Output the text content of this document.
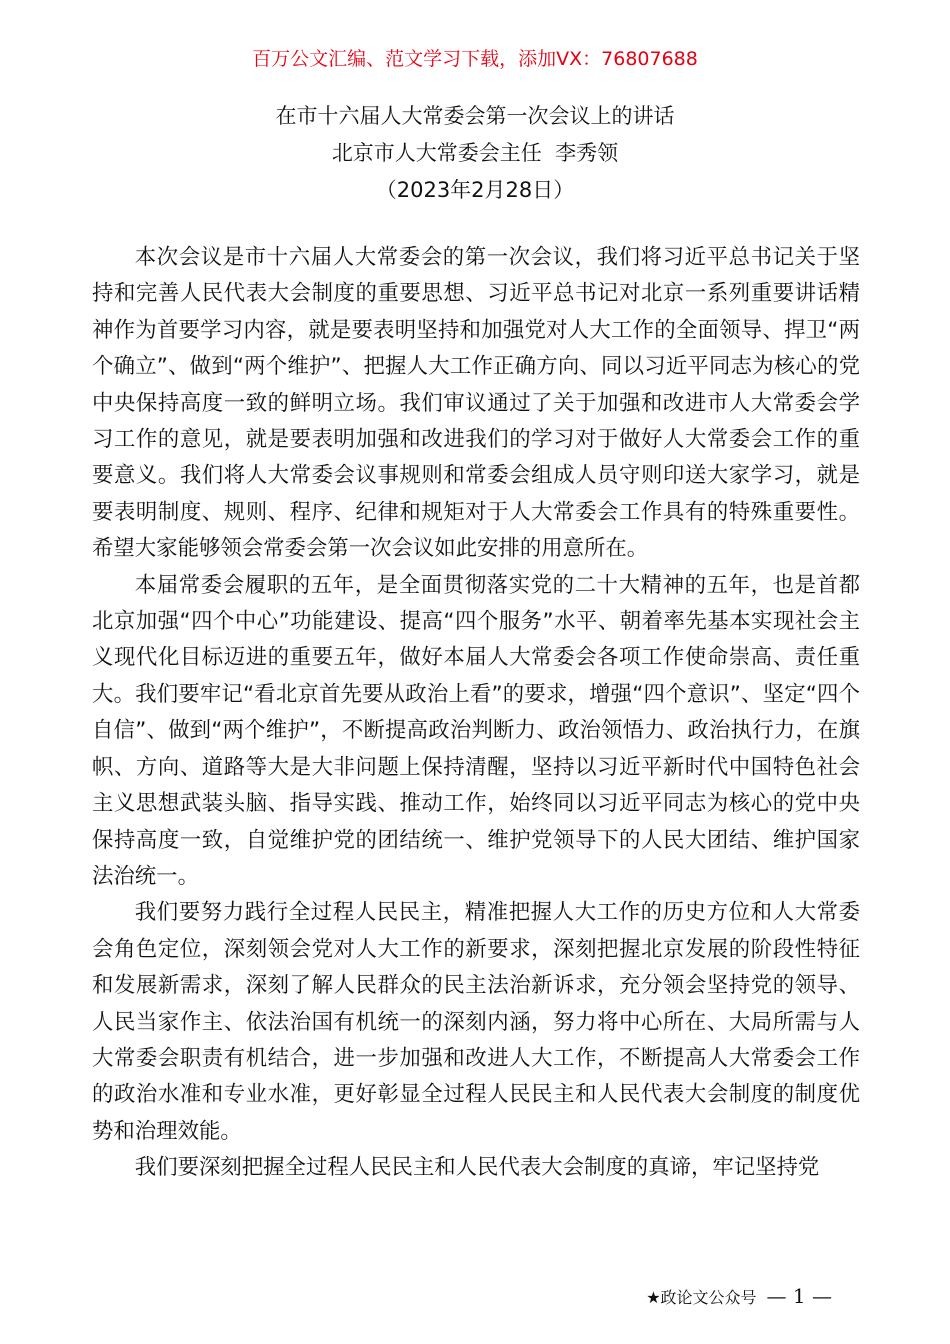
百万公文汇编、范文学习下载，添加VX：76807688
在市十六届人大常委会第一次会议上的讲话
北京市人大常委会主任  李秀领
（2023年2月28日）

本次会议是市十六届人大常委会的第一次会议，我们将习近平总书记关于坚持和完善人民代表大会制度的重要思想、习近平总书记对北京一系列重要讲话精神作为首要学习内容，就是要表明坚持和加强党对人大工作的全面领导、捍卫“两个确立”、做到“两个维护”、把握人大工作正确方向、同以习近平同志为核心的党中央保持高度一致的鲜明立场。我们审议通过了关于加强和改进市人大常委会学习工作的意见，就是要表明加强和改进我们的学习对于做好人大常委会工作的重要意义。我们将人大常委会议事规则和常委会组成人员守则印送大家学习，就是要表明制度、规则、程序、纪律和规矩对于人大常委会工作具有的特殊重要性。希望大家能够领会常委会第一次会议如此安排的用意所在。

本届常委会履职的五年，是全面贯彻落实党的二十大精神的五年，也是首都北京加强“四个中心”功能建设、提高“四个服务”水平、朝着率先基本实现社会主义现代化目标迈进的重要五年，做好本届人大常委会各项工作使命崇高、责任重大。我们要牢记“看北京首先要从政治上看”的要求，增强“四个意识”、坚定“四个自信”、做到“两个维护”，不断提高政治判断力、政治领悟力、政治执行力，在旗帜、方向、道路等大是大非问题上保持清醒，坚持以习近平新时代中国特色社会主义思想武装头脑、指导实践、推动工作，始终同以习近平同志为核心的党中央保持高度一致，自觉维护党的团结统一、维护党领导下的人民大团结、维护国家法治统一。

我们要努力践行全过程人民民主，精准把握人大工作的历史方位和人大常委会角色定位，深刻领会党对人大工作的新要求，深刻把握北京发展的阶段性特征和发展新需求，深刻了解人民群众的民主法治新诉求，充分领会坚持党的领导、人民当家作主、依法治国有机统一的深刻内涵，努力将中心所在、大局所需与人大常委会职责有机结合，进一步加强和改进人大工作，不断提高人大常委会工作的政治水准和专业水准，更好彰显全过程人民民主和人民代表大会制度的制度优势和治理效能。

我们要深刻把握全过程人民民主和人民代表大会制度的真谛，牢记坚持党

★政论文公众号 — 1 —
